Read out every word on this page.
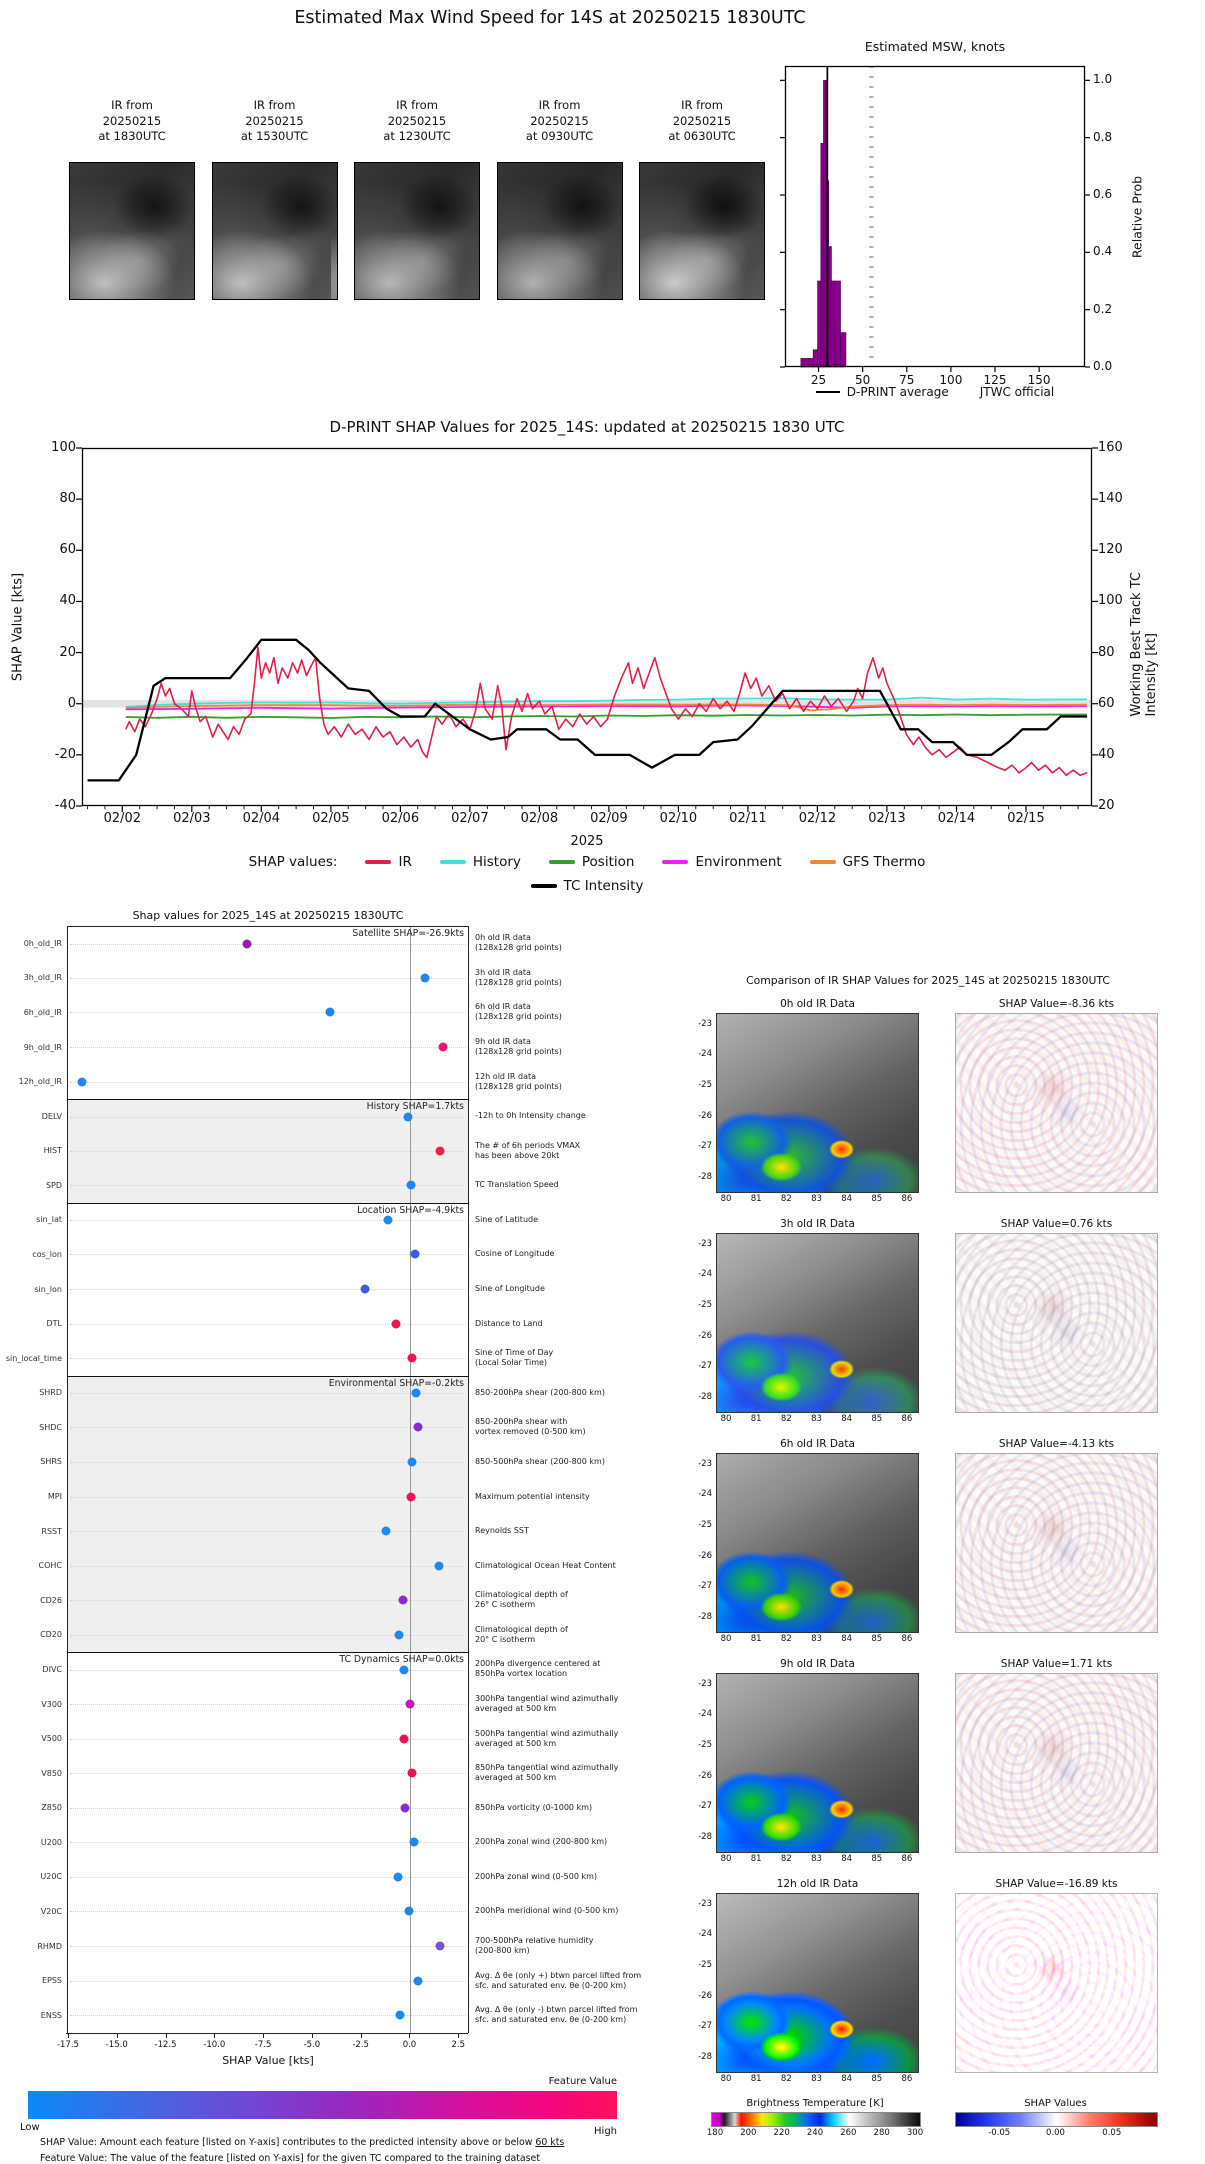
Estimated Max Wind Speed for 14S at 20250215 1830UTC
IR from
20250215
at 1830UTC
IR from
20250215
at 1530UTC
IR from
20250215
at 1230UTC
IR from
20250215
at 0930UTC
IR from
20250215
at 0630UTC
Estimated MSW, knots
Relative Prob
D-PRINT average	JTWC official
25	50	75	100 125 150
1.0
0.8
0.6
0.4
0.2
0.0
D-PRINT SHAP Values for 2025_14S: updated at 20250215 1830 UTC
SHAP Value [kts]	Working Best Track TC Intensity [kt]
2025
SHAP values:	IR	History	Position	Environment	GFS Thermo
TC Intensity
02/02	02/03	02/04	02/05	02/06	02/07	02/08	02/09	02/10	02/11	02/12	02/13	02/14	02/15
100
80
60
40
20
0
-20
-40
160
140
120
100
80
60
40
20
Shap values for 2025_14S at 20250215 1830UTC
0h_old_IR
Satellite SHAP=-26.9kts 0h old IR data
(128x128 grid points)
3h_old_IR
3h old IR data
(128x128 grid points)
6h_old_IR
6h old IR data
(128x128 grid points)
9h_old_IR
9h old IR data
(128x128 grid points)
12h_old_IR
12h old IR data
(128x128 grid points)
DELV
History SHAP=1.7kts
-12h to 0h Intensity change
HIST
The # of 6h periods VMAX
has been above 20kt
SPD	TC Translation Speed
sin_lat
Location SHAP=-4.9kts
Sine of Latitude
cos_lon	Cosine of Longitude
sin_lon	Sine of Longitude
DTL	Distance to Land
sin_local_time
Sine of Time of Day
(Local Solar Time)
SHRD
Environmental SHAP=-0.2kts
850-200hPa shear (200-800 km)
SHDC
850-200hPa shear with
vortex removed (0-500 km)
SHRS	850-500hPa shear (200-800 km)
MPI	Maximum potential intensity
RSST	Reynolds SST
COHC	Climatological Ocean Heat Content
CD26
Climatological depth of
26° C isotherm
CD20
Climatological depth of
20° C isotherm
DIVC
TC Dynamics SHAP=0.0kts 200hPa divergence centered at
850hPa vortex location
V300
300hPa tangential wind azimuthally
averaged at 500 km
V500
500hPa tangential wind azimuthally
averaged at 500 km
V850
850hPa tangential wind azimuthally
averaged at 500 km
Z850	850hPa vorticity (0-1000 km)
U200	200hPa zonal wind (200-800 km)
U20C	200hPa zonal wind (0-500 km)
V20C	200hPa meridional wind (0-500 km)
RHMD
700-500hPa relative humidity
(200-800 km)
EPSS
Avg. Δ θe (only +) btwn parcel lifted from
sfc. and saturated env. θe (0-200 km)
ENSS
Avg. Δ θe (only -) btwn parcel lifted from
sfc. and saturated env. θe (0-200 km)
-17.5	-15.0	-12.5	-10.0	-7.5	-5.0	-2.5	0.0	2.5
SHAP Value [kts]
Feature Value
Low	High
SHAP Value: Amount each feature [listed on Y-axis] contributes to the predicted intensity above or below 60 kts
Feature Value: The value of the feature [listed on Y-axis] for the given TC compared to the training dataset
Comparison of IR SHAP Values for 2025_14S at 20250215 1830UTC
0h old IR Data	SHAP Value=-8.36 kts
-23
-24
-25
-26
-27
-28
80	81	82	83	84	85	86
3h old IR Data	SHAP Value=0.76 kts
-23
-24
-25
-26
-27
-28
80	81	82	83	84	85	86
6h old IR Data	SHAP Value=-4.13 kts
-23
-24
-25
-26
-27
-28
80	81	82	83	84	85	86
9h old IR Data	SHAP Value=1.71 kts
-23
-24
-25
-26
-27
-28
80	81	82	83	84	85	86
12h old IR Data	SHAP Value=-16.89 kts
-23
-24
-25
-26
-27
-28
80	81	82	83	84	85	86
Brightness Temperature [K]	SHAP Values
180	200	220	240	260	280	300	-0.05	0.00	0.05
